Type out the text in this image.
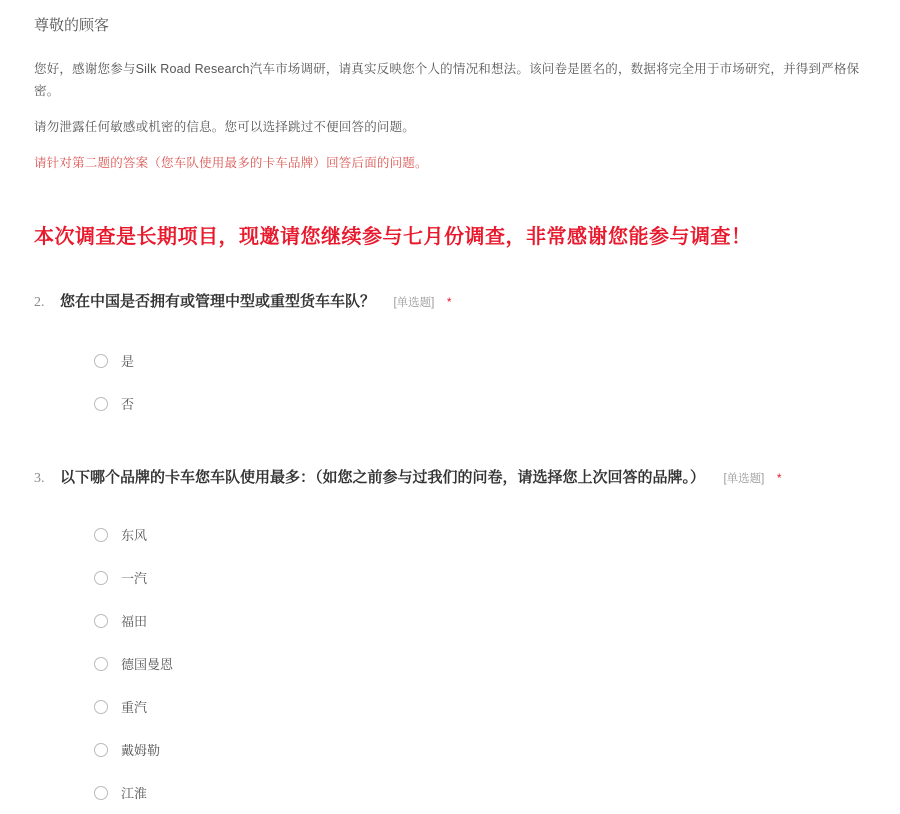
尊敬的顾客
您好，感谢您参与Silk Road Research汽车市场调研，请真实反映您个人的情况和想法。该问卷是匿名的，数据将完全用于市场研究，并得到严格保密。
请勿泄露任何敏感或机密的信息。您可以选择跳过不便回答的问题。
请针对第二题的答案（您车队使用最多的卡车品牌）回答后面的问题。
本次调查是长期项目，现邀请您继续参与七月份调查，非常感谢您能参与调查！
2.	您在中国是否拥有或管理中型或重型货车车队？ [单选题] *
是
否
3.	以下哪个品牌的卡车您车队使用最多：（如您之前参与过我们的问卷，请选择您上次回答的品牌。） [单选题] *
东风
一汽
福田
德国曼恩
重汽
戴姆勒
江淮
